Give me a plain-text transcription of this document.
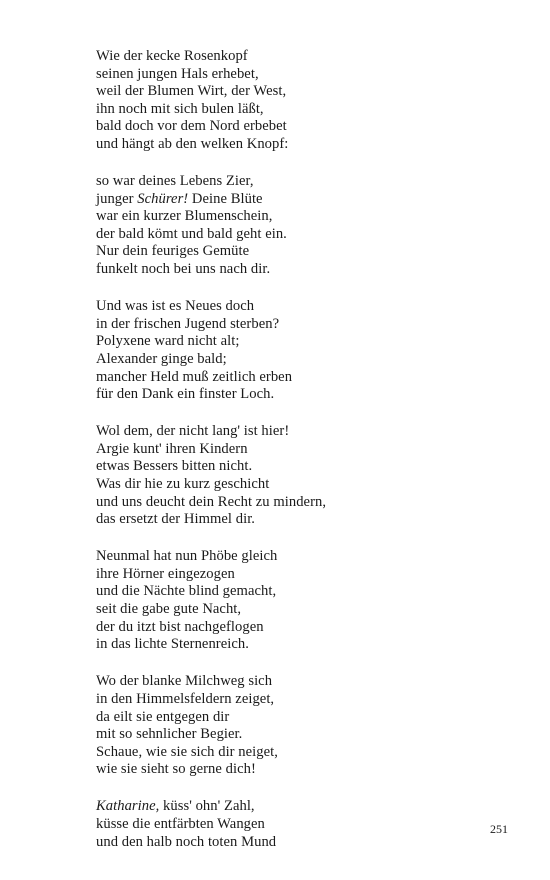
Wie der kecke Rosenkopf
seinen jungen Hals erhebet,
weil der Blumen Wirt, der West,
ihn noch mit sich bulen läßt,
bald doch vor dem Nord erbebet
und hängt ab den welken Knopf:
so war deines Lebens Zier,
junger Schürer! Deine Blüte
war ein kurzer Blumenschein,
der bald kömt und bald geht ein.
Nur dein feuriges Gemüte
funkelt noch bei uns nach dir.
Und was ist es Neues doch
in der frischen Jugend sterben?
Polyxene ward nicht alt;
Alexander ginge bald;
mancher Held muß zeitlich erben
für den Dank ein finster Loch.
Wol dem, der nicht lang' ist hier!
Argie kunt' ihren Kindern
etwas Bessers bitten nicht.
Was dir hie zu kurz geschicht
und uns deucht dein Recht zu mindern,
das ersetzt der Himmel dir.
Neunmal hat nun Phöbe gleich
ihre Hörner eingezogen
und die Nächte blind gemacht,
seit die gabe gute Nacht,
der du itzt bist nachgeflogen
in das lichte Sternenreich.
Wo der blanke Milchweg sich
in den Himmelsfeldern zeiget,
da eilt sie entgegen dir
mit so sehnlicher Begier.
Schaue, wie sie sich dir neiget,
wie sie sieht so gerne dich!
Katharine, küss' ohn' Zahl,
küsse die entfärbten Wangen
und den halb noch toten Mund
251
